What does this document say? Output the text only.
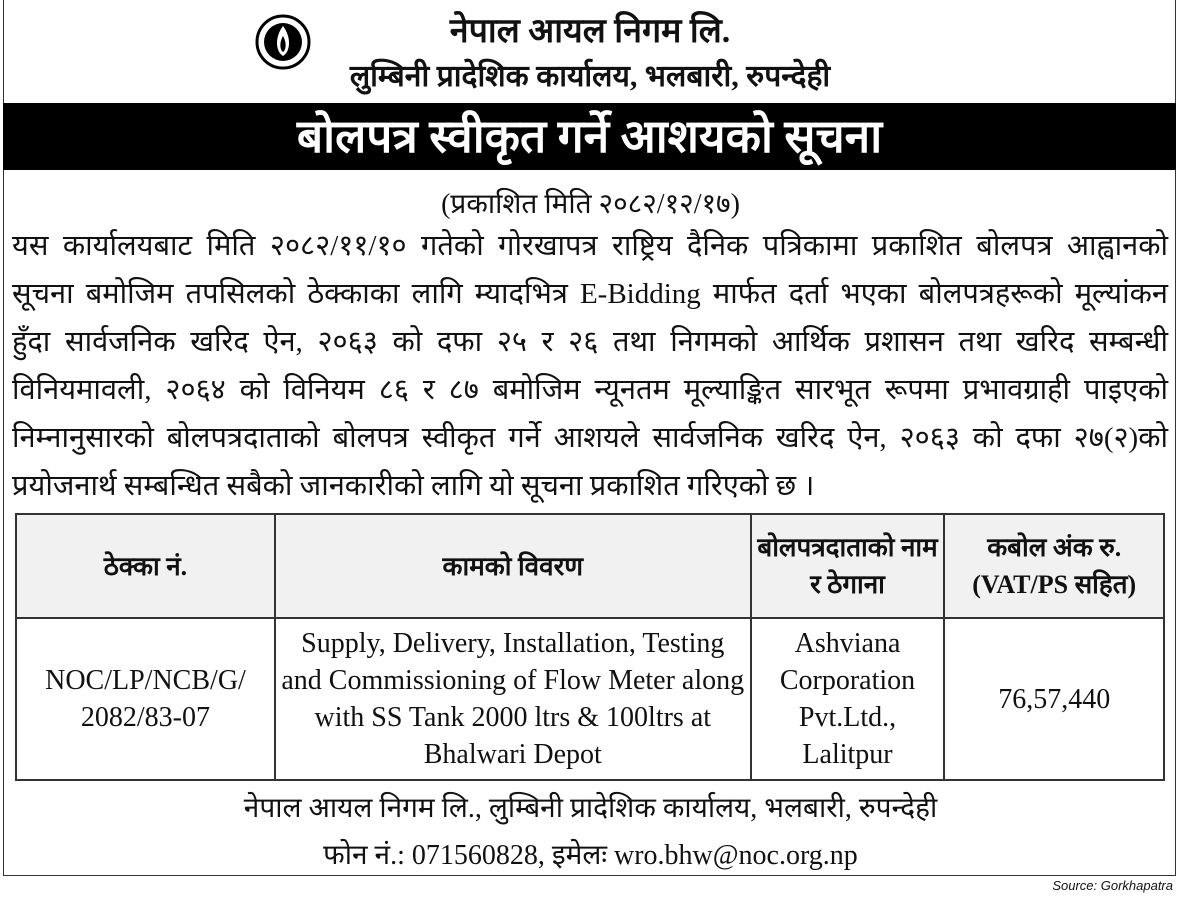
नेपाल आयल निगम लि.
लुम्बिनी प्रादेशिक कार्यालय, भलबारी, रुपन्देही
बोलपत्र स्वीकृत गर्ने आशयको सूचना
(प्रकाशित मिति २०८२/१२/१७)
यस कार्यालयबाट मिति २०८२/११/१० गतेको गोरखापत्र राष्ट्रिय दैनिक पत्रिकामा प्रकाशित बोलपत्र आह्वानको
सूचना बमोजिम तपसिलको ठेक्काका लागि म्यादभित्र E-Bidding मार्फत दर्ता भएका बोलपत्रहरूको मूल्यांकन
हुँदा सार्वजनिक खरिद ऐन, २०६३ को दफा २५ र २६ तथा निगमको आर्थिक प्रशासन तथा खरिद सम्बन्धी
विनियमावली, २०६४ को विनियम ८६ र ८७ बमोजिम न्यूनतम मूल्याङ्कित सारभूत रूपमा प्रभावग्राही पाइएको
निम्नानुसारको बोलपत्रदाताको बोलपत्र स्वीकृत गर्ने आशयले सार्वजनिक खरिद ऐन, २०६३ को दफा २७(२)को
प्रयोजनार्थ सम्बन्धित सबैको जानकारीको लागि यो सूचना प्रकाशित गरिएको छ ।
ठेक्का नं.	कामको विवरण	बोलपत्रदाताको नाम र ठेगाना	कबोल अंक रु. (VAT/PS सहित)
NOC/LP/NCB/G/ 2082/83-07	Supply, Delivery, Installation, Testing and Commissioning of Flow Meter along with SS Tank 2000 ltrs & 100ltrs at Bhalwari Depot	Ashviana Corporation Pvt.Ltd., Lalitpur	76,57,440
नेपाल आयल निगम लि., लुम्बिनी प्रादेशिक कार्यालय, भलबारी, रुपन्देही
फोन नं.: 071560828, इमेलः wro.bhw@noc.org.np
Source: Gorkhapatra
